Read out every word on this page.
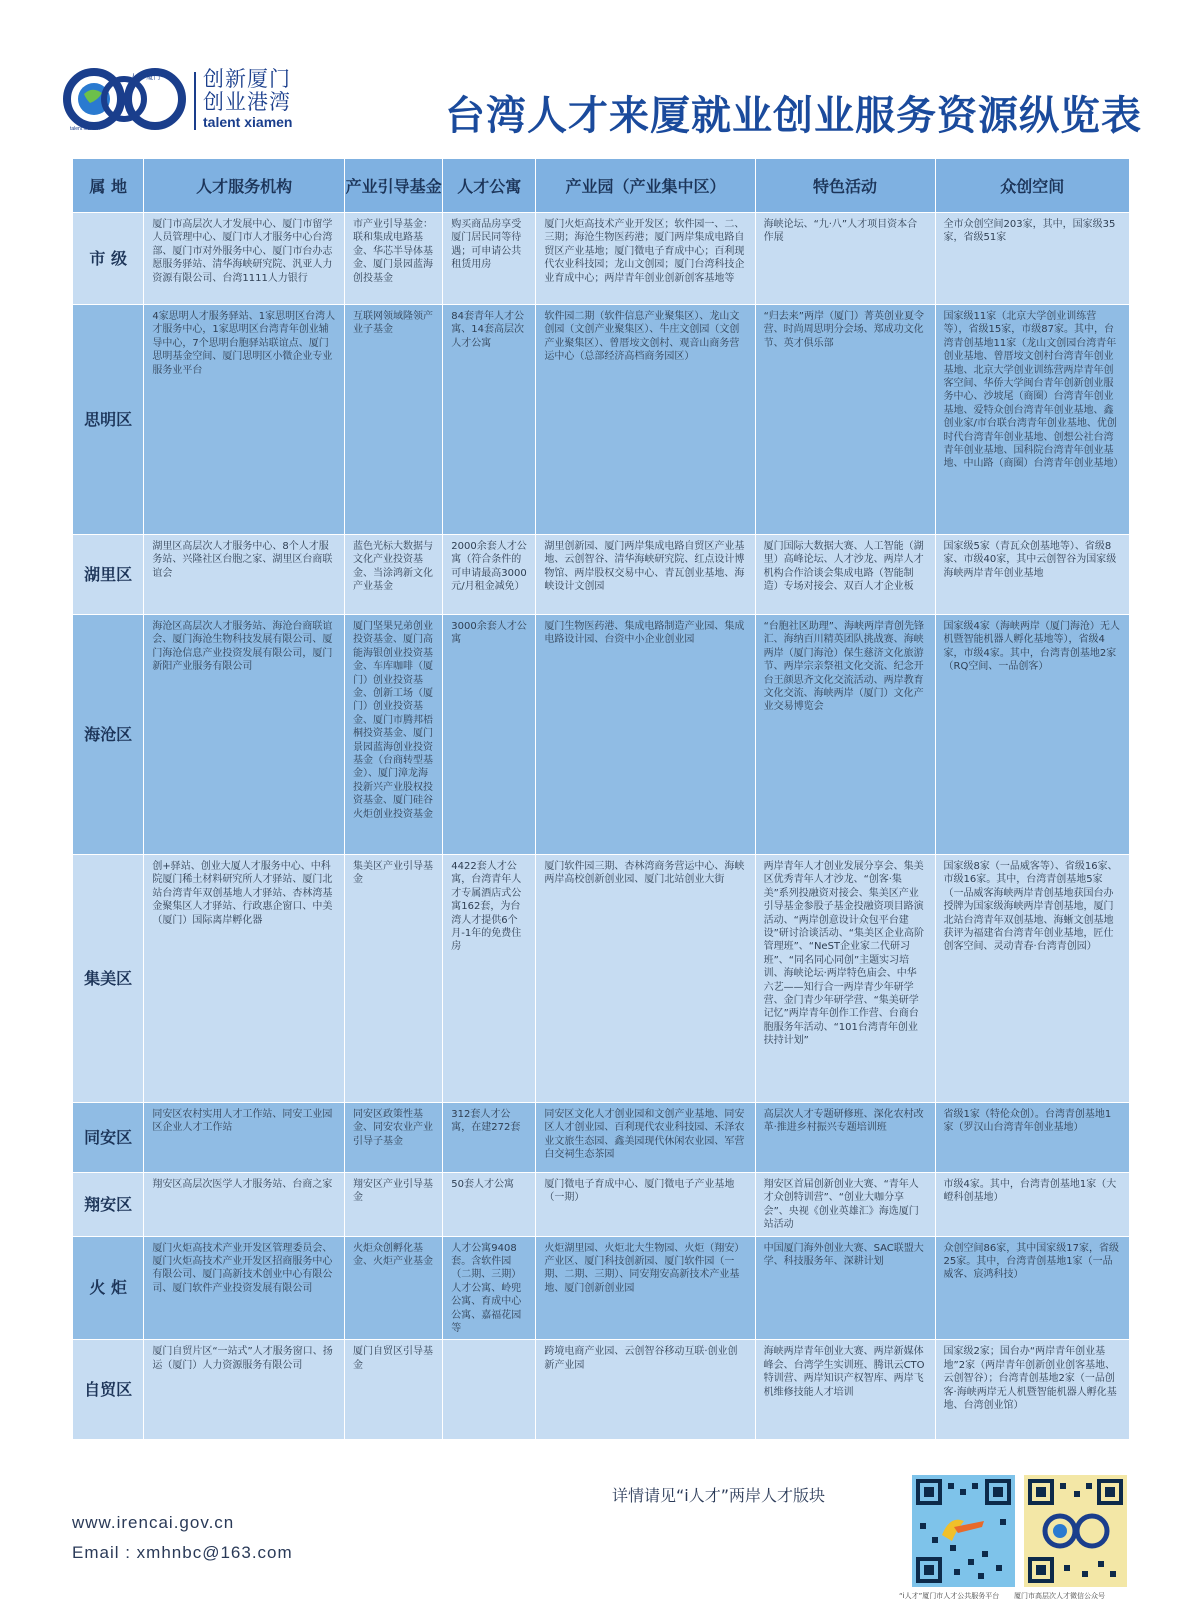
人才·厦门
talent xiamen
创新厦门
创业港湾
talent xiamen	台湾人才来厦就业创业服务资源纵览表
属 地	人才服务机构	产业引导基金	人才公寓	产业园（产业集中区）	特色活动	众创空间
市 级	厦门市高层次人才发展中心、厦门市留学人员管理中心、厦门市人才服务中心台湾部、厦门市对外服务中心、厦门市台办志愿服务驿站、清华海峡研究院、汎亚人力资源有限公司、台湾1111人力银行	市产业引导基金：联和集成电路基金、华芯半导体基金、厦门景园蓝海创投基金	购买商品房享受厦门居民同等待遇；可申请公共租赁用房	厦门火炬高技术产业开发区；软件园一、二、三期；海沧生物医药港；厦门两岸集成电路自贸区产业基地；厦门微电子育成中心；百利现代农业科技园；龙山文创园；厦门台湾科技企业育成中心；两岸青年创业创新创客基地等	海峡论坛、“九·八”人才项目资本合作展	全市众创空间203家，其中，国家级35家，省级51家
思明区	4家思明人才服务驿站、1家思明区台湾人才服务中心，1家思明区台湾青年创业辅导中心，7个思明台胞驿站联谊点、厦门思明基金空间、厦门思明区小微企业专业服务业平台	互联网领域隆领产业子基金	84套青年人才公寓、14套高层次人才公寓	软件园二期（软件信息产业聚集区）、龙山文创园（文创产业聚集区）、牛庄文创园（文创产业聚集区）、曾厝垵文创村、观音山商务营运中心（总部经济高档商务园区）	“归去来”两岸（厦门）菁英创业夏令营、时尚周思明分会场、郑成功文化节、英才俱乐部	国家级11家（北京大学创业训练营等），省级15家，市级87家。其中，台湾青创基地11家（龙山文创园台湾青年创业基地、曾厝垵文创村台湾青年创业基地、北京大学创业训练营两岸青年创客空间、华侨大学闽台青年创新创业服务中心、沙坡尾（商圈）台湾青年创业基地、爱特众创台湾青年创业基地、鑫创业家/市台联台湾青年创业基地、优创时代台湾青年创业基地、创想公社台湾青年创业基地、国科院台湾青年创业基地、中山路（商圈）台湾青年创业基地）
湖里区	湖里区高层次人才服务中心、8个人才服务站、兴隆社区台胞之家、湖里区台商联谊会	蓝色光标大数据与文化产业投资基金、当涂鸿新文化产业基金	2000余套人才公寓（符合条件的可申请最高3000元/月租金减免）	湖里创新园、厦门两岸集成电路自贸区产业基地、云创智谷、清华海峡研究院、红点设计博物馆、两岸股权交易中心、青瓦创业基地、海峡设计文创园	厦门国际大数据大赛、人工智能（湖里）高峰论坛、人才沙龙、两岸人才机构合作洽谈会集成电路（智能制造）专场对接会、双百人才企业板	国家级5家（青瓦众创基地等）、省级8家、市级40家，其中云创智谷为国家级海峡两岸青年创业基地
海沧区	海沧区高层次人才服务站、海沧台商联谊会、厦门海沧生物科技发展有限公司、厦门海沧信息产业投资发展有限公司，厦门新阳产业服务有限公司	厦门坚果兄弟创业投资基金、厦门高能海银创业投资基金、车库咖啡（厦门）创业投资基金、创新工场（厦门）创业投资基金、厦门市腾邦梧桐投资基金、厦门景园蓝海创业投资基金（台商转型基金）、厦门漳龙海投新兴产业股权投资基金、厦门硅谷火炬创业投资基金	3000余套人才公寓	厦门生物医药港、集成电路制造产业园、集成电路设计园、台资中小企业创业园	“台胞社区助理”、海峡两岸青创先锋汇、海纳百川精英团队挑战赛、海峡两岸（厦门海沧）保生慈济文化旅游节、两岸宗亲祭祖文化交流、纪念开台王颜思齐文化交流活动、两岸教育文化交流、海峡两岸（厦门）文化产业交易博览会	国家级4家（海峡两岸（厦门海沧）无人机暨智能机器人孵化基地等），省级4家，市级4家。其中，台湾青创基地2家（RQ空间、一品创客）
集美区	创+驿站、创业大厦人才服务中心、中科院厦门稀土材料研究所人才驿站、厦门北站台湾青年双创基地人才驿站、杏林湾基金聚集区人才驿站、行政惠企窗口、中美（厦门）国际离岸孵化器	集美区产业引导基金	4422套人才公寓，台湾青年人才专属酒店式公寓162套，为台湾人才提供6个月-1年的免费住房	厦门软件园三期、杏林湾商务营运中心、海峡两岸高校创新创业园、厦门北站创业大街	两岸青年人才创业发展分享会、集美区优秀青年人才沙龙、“创客·集美”系列投融资对接会、集美区产业引导基金参股子基金投融资项目路演活动、“两岸创意设计众包平台建设”研讨洽谈活动、“集美区企业高阶管理班”、“NeST企业家二代研习班”、“同名同心同创”主题实习培训、海峡论坛·两岸特色庙会、中华六艺——知行合一两岸青少年研学营、金门青少年研学营、“集美研学记忆”两岸青年创作工作营、台商台胞服务年活动、“101台湾青年创业扶持计划”	国家级8家（一品威客等）、省级16家、市级16家。其中，台湾青创基地5家（一品威客海峡两岸青创基地获国台办授牌为国家级海峡两岸青创基地，厦门北站台湾青年双创基地、海蜥文创基地获评为福建省台湾青年创业基地，匠仕创客空间、灵动青春·台湾青创园）
同安区	同安区农村实用人才工作站、同安工业园区企业人才工作站	同安区政策性基金、同安农业产业引导子基金	312套人才公寓，在建272套	同安区文化人才创业园和文创产业基地、同安区人才创业园、百利现代农业科技园、禾泽农业文旅生态园、鑫美园现代休闲农业园、军营白交祠生态茶园	高层次人才专题研修班、深化农村改革·推进乡村振兴专题培训班	省级1家（特伦众创）。台湾青创基地1家（罗汉山台湾青年创业基地）
翔安区	翔安区高层次医学人才服务站、台商之家	翔安区产业引导基金	50套人才公寓	厦门微电子育成中心、厦门微电子产业基地（一期）	翔安区首届创新创业大赛、“青年人才众创特训营”、“创业大咖分享会”、央视《创业英雄汇》海选厦门站活动	市级4家。其中，台湾青创基地1家（大嶝科创基地）
火 炬	厦门火炬高技术产业开发区管理委员会、厦门火炬高技术产业开发区招商服务中心有限公司、厦门高新技术创业中心有限公司、厦门软件产业投资发展有限公司	火炬众创孵化基金、火炬产业基金	人才公寓9408套。含软件园（二期、三期）人才公寓、岭兜公寓、育成中心公寓、嘉福花园等	火炬湖里园、火炬北大生物园、火炬（翔安）产业区、厦门科技创新园、厦门软件园（一期、二期、三期）、同安翔安高新技术产业基地、厦门创新创业园	中国厦门海外创业大赛、SAC联盟大学、科技服务年、深耕计划	众创空间86家，其中国家级17家，省级25家。其中，台湾青创基地1家（一品威客、宸鸿科技）
自贸区	厦门自贸片区“一站式”人才服务窗口、扬运（厦门）人力资源服务有限公司	厦门自贸区引导基金		跨境电商产业园、云创智谷移动互联·创业创新产业园	海峡两岸青年创业大赛、两岸新媒体峰会、台湾学生实训班、腾讯云CTO特训营、两岸知识产权智库、两岸飞机维修技能人才培训	国家级2家；国台办“两岸青年创业基地”2家（两岸青年创新创业创客基地、云创智谷）；台湾青创基地2家（一品创客·海峡两岸无人机暨智能机器人孵化基地、台湾创业馆）
详情请见“i人才”两岸人才版块
www.irencai.gov.cn
Email : xmhnbc@163.com
“i人才”厦门市人才公共服务平台 厦门市高层次人才微信公众号
